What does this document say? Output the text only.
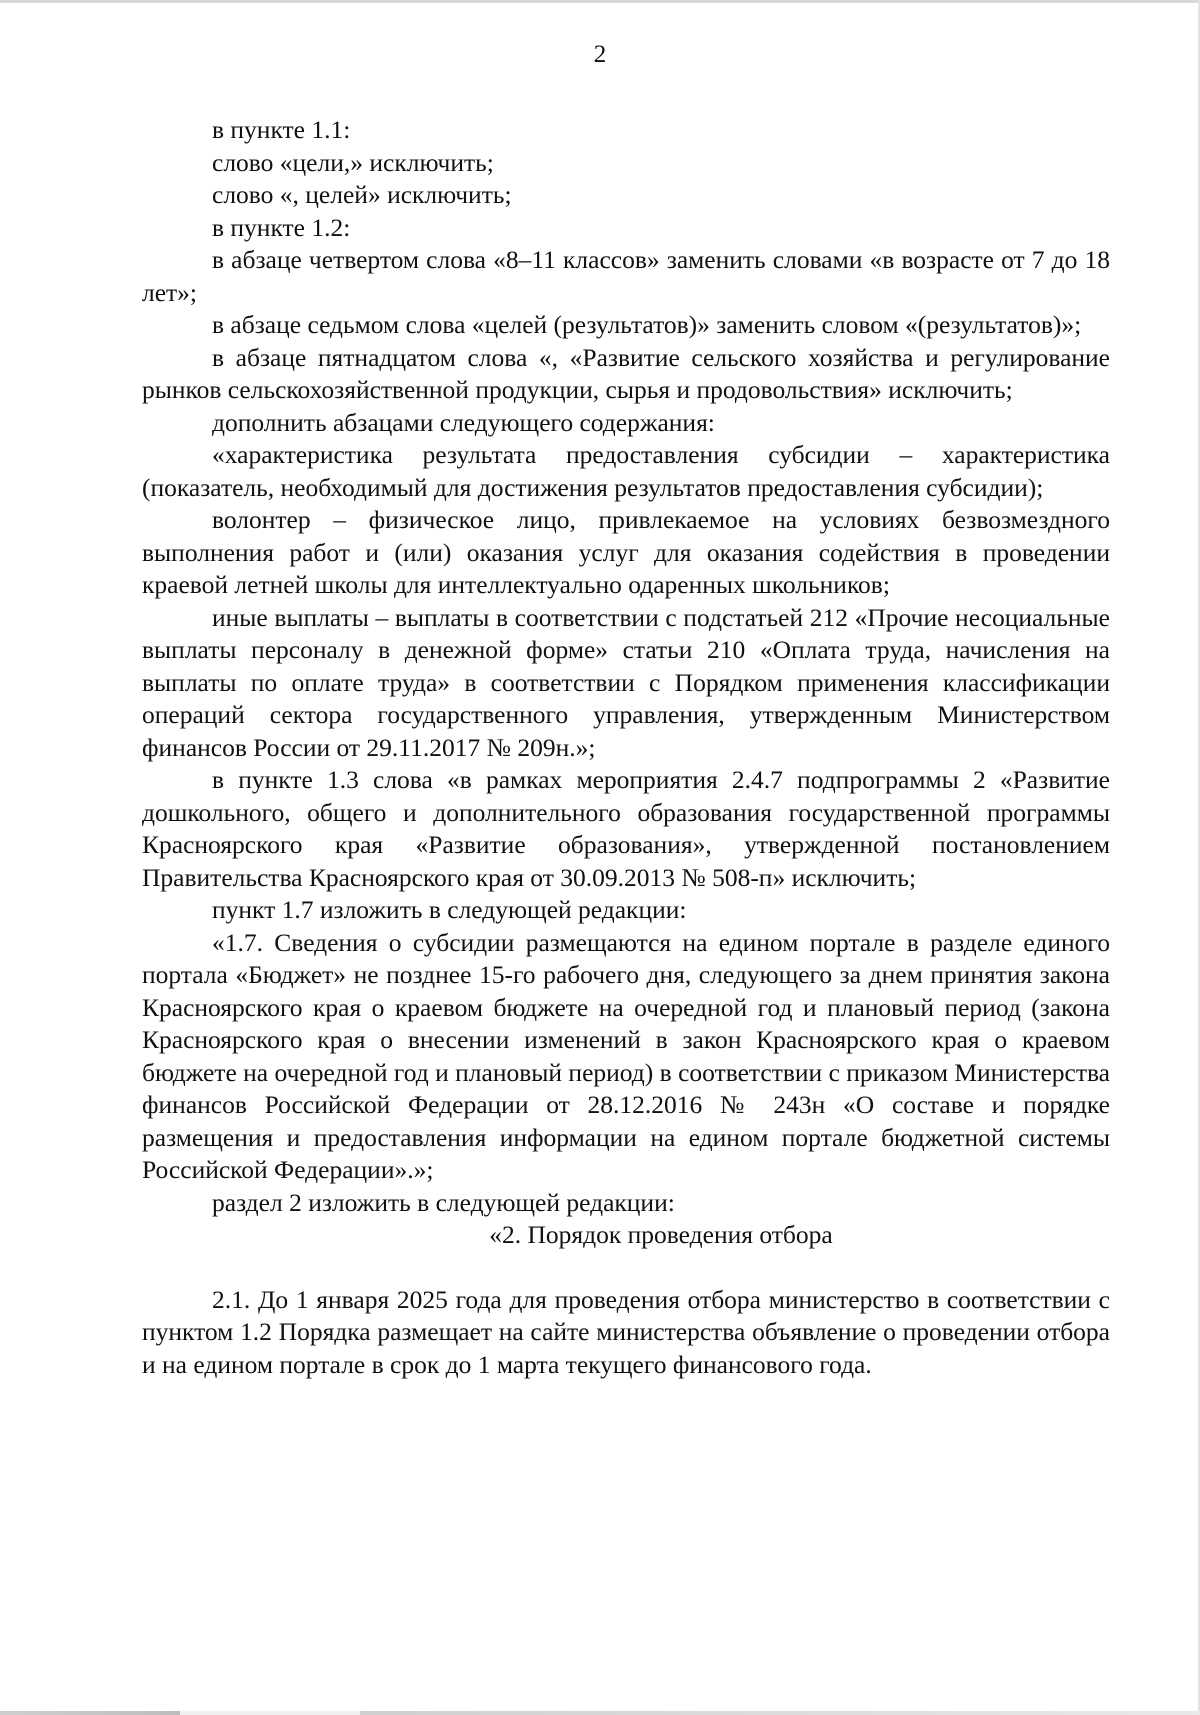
2

в пункте 1.1:

слово «цели,» исключить;

слово «, целей» исключить;

в пункте 1.2:

в абзаце четвертом слова «8–11 классов» заменить словами «в возрасте от 7 до 18 лет»;

в абзаце седьмом слова «целей (результатов)» заменить словом «(результатов)»;

в абзаце пятнадцатом слова «, «Развитие сельского хозяйства и регулирование рынков сельскохозяйственной продукции, сырья и продовольствия» исключить;

дополнить абзацами следующего содержания:

«характеристика результата предоставления субсидии – характеристика (показатель, необходимый для достижения результатов предоставления субсидии);

волонтер – физическое лицо, привлекаемое на условиях безвозмездного выполнения работ и (или) оказания услуг для оказания содействия в проведении краевой летней школы для интеллектуально одаренных школьников;

иные выплаты – выплаты в соответствии с подстатьей 212 «Прочие несоциальные выплаты персоналу в денежной форме» статьи 210 «Оплата труда, начисления на выплаты по оплате труда» в соответствии с Порядком применения классификации операций сектора государственного управления, утвержденным Министерством финансов России от 29.11.2017 № 209н.»;

в пункте 1.3 слова «в рамках мероприятия 2.4.7 подпрограммы 2 «Развитие дошкольного, общего и дополнительного образования государственной программы Красноярского края «Развитие образования», утвержденной постановлением Правительства Красноярского края от 30.09.2013 № 508-п» исключить;

пункт 1.7 изложить в следующей редакции:

«1.7. Сведения о субсидии размещаются на едином портале в разделе единого портала «Бюджет» не позднее 15-го рабочего дня, следующего за днем принятия закона Красноярского края о краевом бюджете на очередной год и плановый период (закона Красноярского края о внесении изменений в закон Красноярского края о краевом бюджете на очередной год и плановый период) в соответствии с приказом Министерства финансов Российской Федерации от 28.12.2016 № 243н «О составе и порядке размещения и предоставления информации на едином портале бюджетной системы Российской Федерации».»;

раздел 2 изложить в следующей редакции:

«2. Порядок проведения отбора

2.1. До 1 января 2025 года для проведения отбора министерство в соответствии с пунктом 1.2 Порядка размещает на сайте министерства объявление о проведении отбора и на едином портале в срок до 1 марта текущего финансового года.
